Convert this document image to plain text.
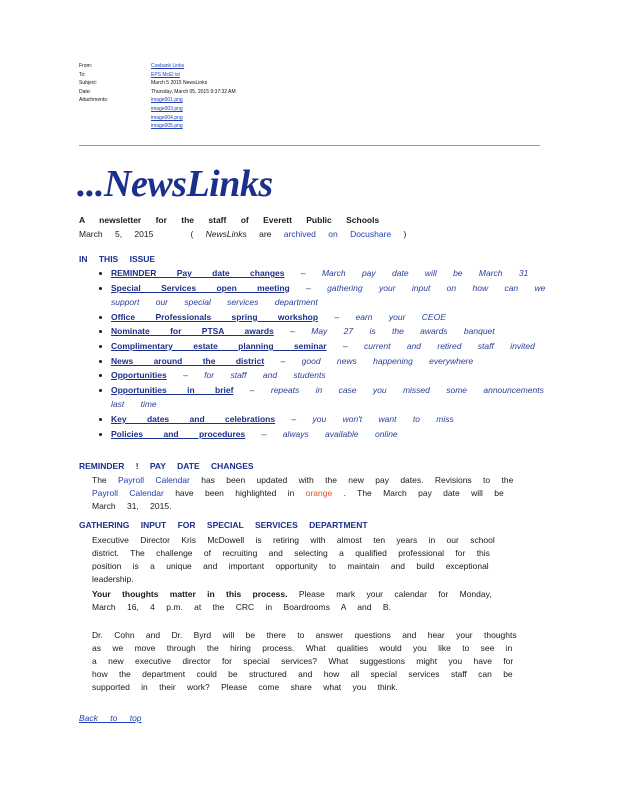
From:	Coebank Links
To:	EPS McEl ist
Subject:	March 5 2015 NewsLinks
Date:	Thursday, March 05, 2015 9:37:32 AM
Attachments:	image001.png
image003.png
image004.png
image005.png
...NewsLinks
A newsletter for the staff of Everett Public Schools
March 5, 2015	( NewsLinks are archived on Docushare )
IN THIS ISSUE
• REMINDER Pay date changes – March pay date will be March 31
• Special Services open meeting – gathering your input on how can we support our special services department
• Office Professionals spring workshop – earn your CEOE
• Nominate for PTSA awards – May 27 is the awards banquet
• Complimentary estate planning seminar – current and retired staff invited
• News around the district – good news happening everywhere
• Opportunities – for staff and students
• Opportunities in brief – repeats in case you missed some announcements last time
• Key dates and celebrations – you won't want to miss
• Policies and procedures – always available online
REMINDER ! PAY DATE CHANGES
The Payroll Calendar has been updated with the new pay dates. Revisions to the Payroll Calendar have been highlighted in orange . The March pay date will be March 31, 2015.
GATHERING INPUT FOR SPECIAL SERVICES DEPARTMENT
Executive Director Kris McDowell is retiring with almost ten years in our school district. The challenge of recruiting and selecting a qualified professional for this position is a unique and important opportunity to maintain and build exceptional leadership.
Your thoughts matter in this process. Please mark your calendar for Monday, March 16, 4 p.m. at the CRC in Boardrooms A and B.
Dr. Cohn and Dr. Byrd will be there to answer questions and hear your thoughts as we move through the hiring process. What qualities would you like to see in a new executive director for special services? What suggestions might you have for how the department could be structured and how all special services staff can be supported in their work? Please come share what you think.
Back to top
